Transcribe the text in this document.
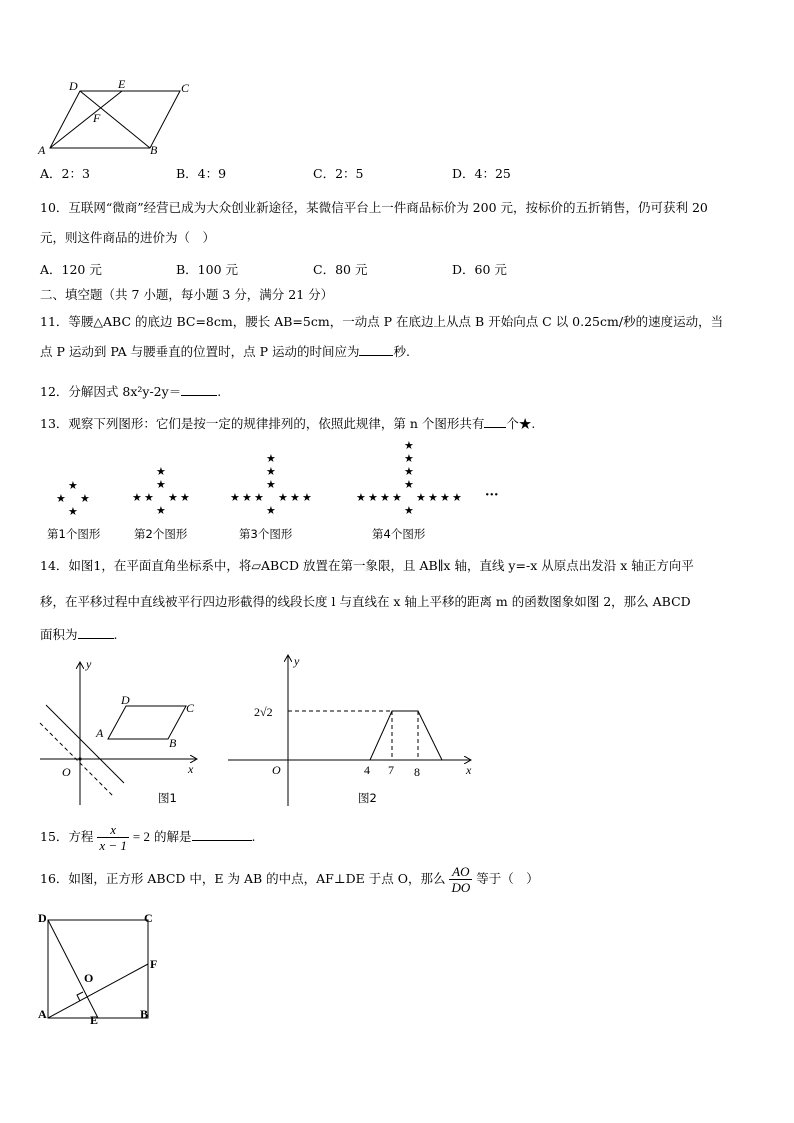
D	E	C
F
A	B
A．2：3	B．4：9	C．2：5	D．4：25
10．互联网“微商”经营已成为大众创业新途径，某微信平台上一件商品标价为 200 元，按标价的五折销售，仍可获利 20
元，则这件商品的进价为（　）
A．120 元	B．100 元	C．80 元	D．60 元
二、填空题（共 7 小题，每小题 3 分，满分 21 分）
11．等腰△ABC 的底边 BC=8cm，腰长 AB=5cm，一动点 P 在底边上从点 B 开始向点 C 以 0.25cm/秒的速度运动，当
点 P 运动到 PA 与腰垂直的位置时，点 P 运动的时间应为	秒.
12．分解因式 8x²y-2y＝	.
13．观察下列图形：它们是按一定的规律排列的，依照此规律，第 n 个图形共有 个★.
★
★ ★
★
★
★
★ ★ ★ ★
★
★
★
★
★ ★ ★ ★ ★ ★
★
★
★
★
★
★ ★ ★ ★ ★ ★ ★ ★
★
···
第1个图形	第2个图形	第3个图形	第4个图形
14．如图1，在平面直角坐标系中，将▱ABCD 放置在第一象限，且 AB∥x 轴，直线 y=-x 从原点出发沿 x 轴正方向平
移，在平移过程中直线被平行四边形截得的线段长度 l 与直线在 x 轴上平移的距离 m 的函数图象如图 2，那么 ABCD
面积为	.
y
x
O
A
B
C
D
图1
y
x
O
2√2
4 7 8
图2
15．方程 $\frac{x}{x - 1} = 2$ 的解是	.
16．如图，正方形 ABCD 中，E 为 AB 的中点，AF⊥DE 于点 O，那么 $\frac{AO}{DO}$ 等于（　）
D	C
O
F
A	E	B
